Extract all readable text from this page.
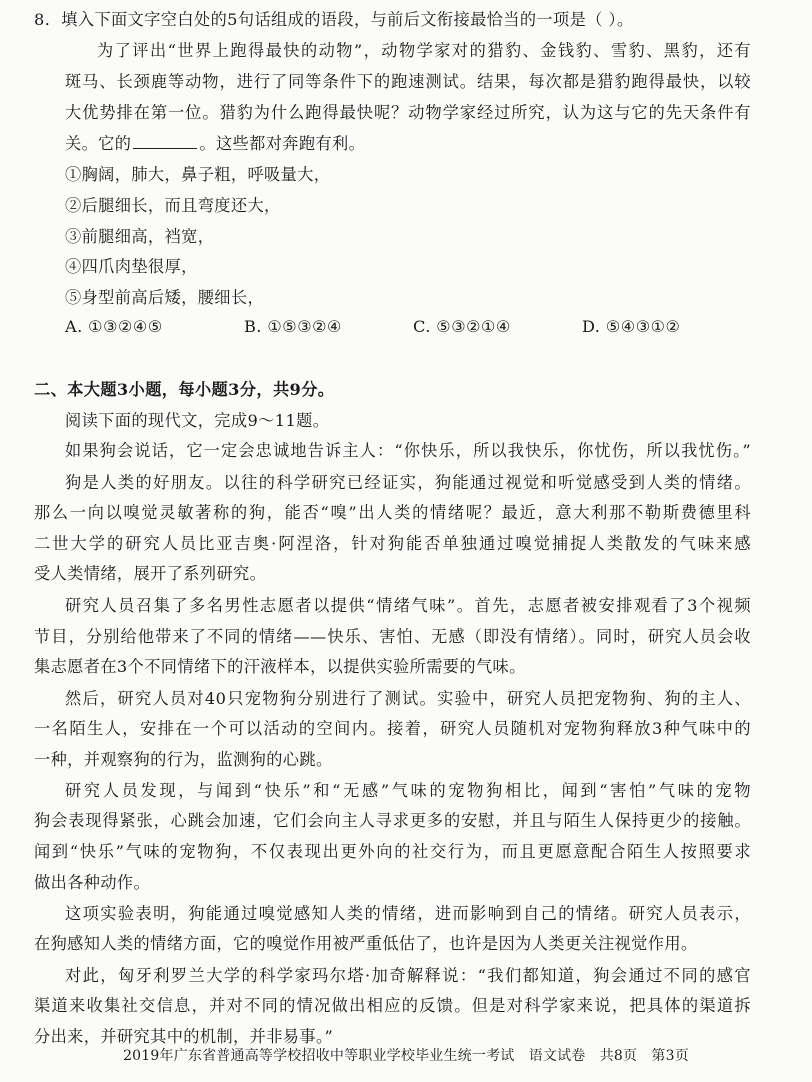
8．填入下面文字空白处的5句话组成的语段，与前后文衔接最恰当的一项是（ ）。
为了评出“世界上跑得最快的动物”，动物学家对的猎豹、金钱豹、雪豹、黑豹，还有
斑马、长颈鹿等动物，进行了同等条件下的跑速测试。结果，每次都是猎豹跑得最快，以较
大优势排在第一位。猎豹为什么跑得最快呢？动物学家经过所究，认为这与它的先天条件有
关。它的	。这些都对奔跑有利。
①胸阔，肺大，鼻子粗，呼吸量大，
②后腿细长，而且弯度还大，
③前腿细高，裆宽，
④四爪肉垫很厚，
⑤身型前高后矮，腰细长，
A. ①③②④⑤	B. ①⑤③②④	C. ⑤③②①④	D. ⑤④③①②
二、本大题3小题，每小题3分，共9分。
阅读下面的现代文，完成9～11题。
如果狗会说话，它一定会忠诚地告诉主人：“你快乐，所以我快乐，你忧伤，所以我忧伤。”
狗是人类的好朋友。以往的科学研究已经证实，狗能通过视觉和听觉感受到人类的情绪。
那么一向以嗅觉灵敏著称的狗，能否“嗅”出人类的情绪呢？最近，意大利那不勒斯费德里科
二世大学的研究人员比亚吉奥·阿涅洛，针对狗能否单独通过嗅觉捕捉人类散发的气味来感
受人类情绪，展开了系列研究。
研究人员召集了多名男性志愿者以提供“情绪气味”。首先，志愿者被安排观看了3个视频
节目，分别给他带来了不同的情绪——快乐、害怕、无感（即没有情绪）。同时，研究人员会收
集志愿者在3个不同情绪下的汗液样本，以提供实验所需要的气味。
然后，研究人员对40只宠物狗分别进行了测试。实验中，研究人员把宠物狗、狗的主人、
一名陌生人，安排在一个可以活动的空间内。接着，研究人员随机对宠物狗释放3种气味中的
一种，并观察狗的行为，监测狗的心跳。
研究人员发现，与闻到“快乐”和“无感”气味的宠物狗相比，闻到“害怕”气味的宠物
狗会表现得紧张，心跳会加速，它们会向主人寻求更多的安慰，并且与陌生人保持更少的接触。
闻到“快乐”气味的宠物狗，不仅表现出更外向的社交行为，而且更愿意配合陌生人按照要求
做出各种动作。
这项实验表明，狗能通过嗅觉感知人类的情绪，进而影响到自己的情绪。研究人员表示，
在狗感知人类的情绪方面，它的嗅觉作用被严重低估了，也许是因为人类更关注视觉作用。
对此，匈牙利罗兰大学的科学家玛尔塔·加奇解释说：“我们都知道，狗会通过不同的感官
渠道来收集社交信息，并对不同的情况做出相应的反馈。但是对科学家来说，把具体的渠道拆
分出来，并研究其中的机制，并非易事。”
2019年广东省普通高等学校招收中等职业学校毕业生统一考试　语文试卷　共8页　第3页
